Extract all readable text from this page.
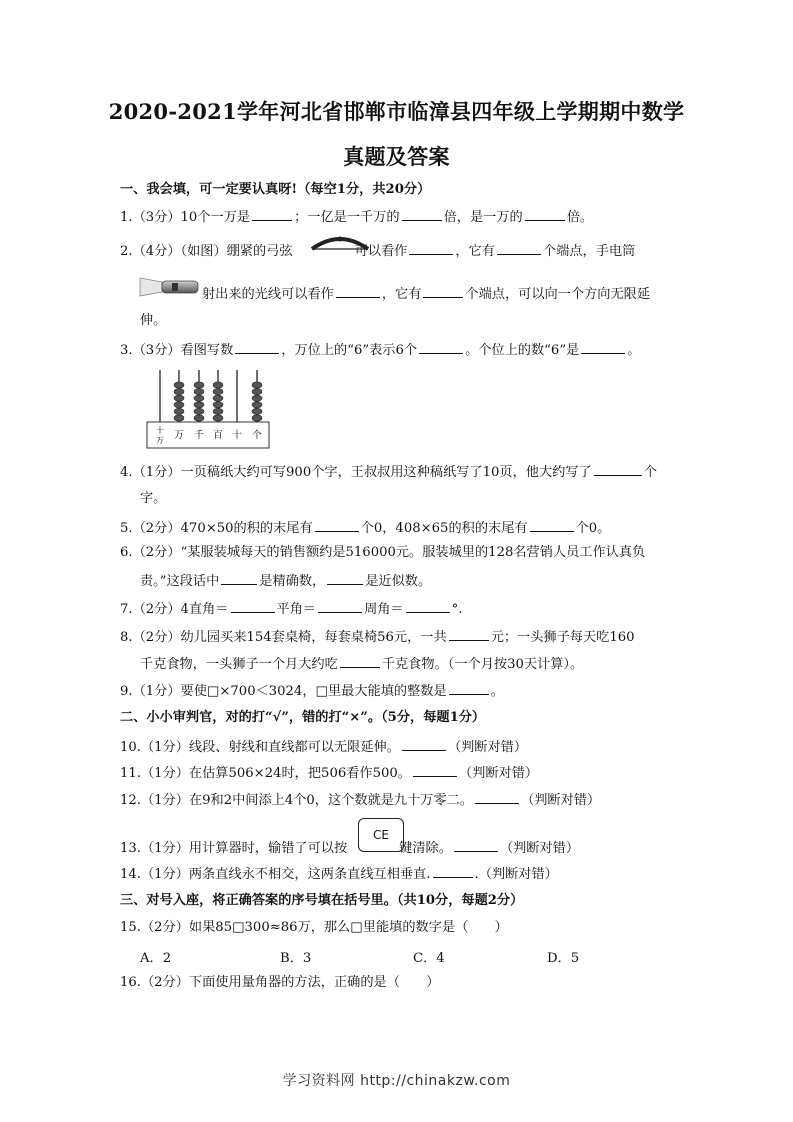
2020-2021学年河北省邯郸市临漳县四年级上学期期中数学
真题及答案
一、我会填，可一定要认真呀!（每空1分，共20分）
1.（3分）10个一万是	；一亿是一千万的	倍，是一万的	倍。
2.（4分）（如图）绷紧的弓弦	可以看作	，它有	个端点，手电筒
射出来的光线可以看作	，它有	个端点，可以向一个方向无限延
伸。
3.（3分）看图写数	，万位上的“6”表示6个	。个位上的数“6”是	。
十万 万 千 百 十 个
4.（1分）一页稿纸大约可写900个字，王叔叔用这种稿纸写了10页，他大约写了	个
字。
5.（2分）470×50的积的末尾有	个0，408×65的积的末尾有	个0。
6.（2分）“某服装城每天的销售额约是516000元。服装城里的128名营销人员工作认真负
责。”这段话中	是精确数，	是近似数。
7.（2分）4直角＝	平角＝	周角＝	°.
8.（2分）幼儿园买来154套桌椅，每套桌椅56元，一共	元；一头狮子每天吃160
千克食物，一头狮子一个月大约吃	千克食物。（一个月按30天计算）。
9.（1分）要使□×700＜3024，□里最大能填的整数是	。
二、小小审判官，对的打“√”，错的打“×”。（5分，每题1分）
10.（1分）线段、射线和直线都可以无限延伸。	（判断对错）
11.（1分）在估算506×24时，把506看作500。	（判断对错）
12.（1分）在9和2中间添上4个0，这个数就是九十万零二。	（判断对错）
13.（1分）用计算器时，输错了可以按	键清除。	（判断对错）
CE
14.（1分）两条直线永不相交，这两条直线互相垂直.	.（判断对错）
三、对号入座，将正确答案的序号填在括号里。（共10分，每题2分）
15.（2分）如果85□300≈86万，那么□里能填的数字是（　　）
A．2	B．3	C．4	D．5
16.（2分）下面使用量角器的方法，正确的是（　　）
学习资料网 http://chinakzw.com
